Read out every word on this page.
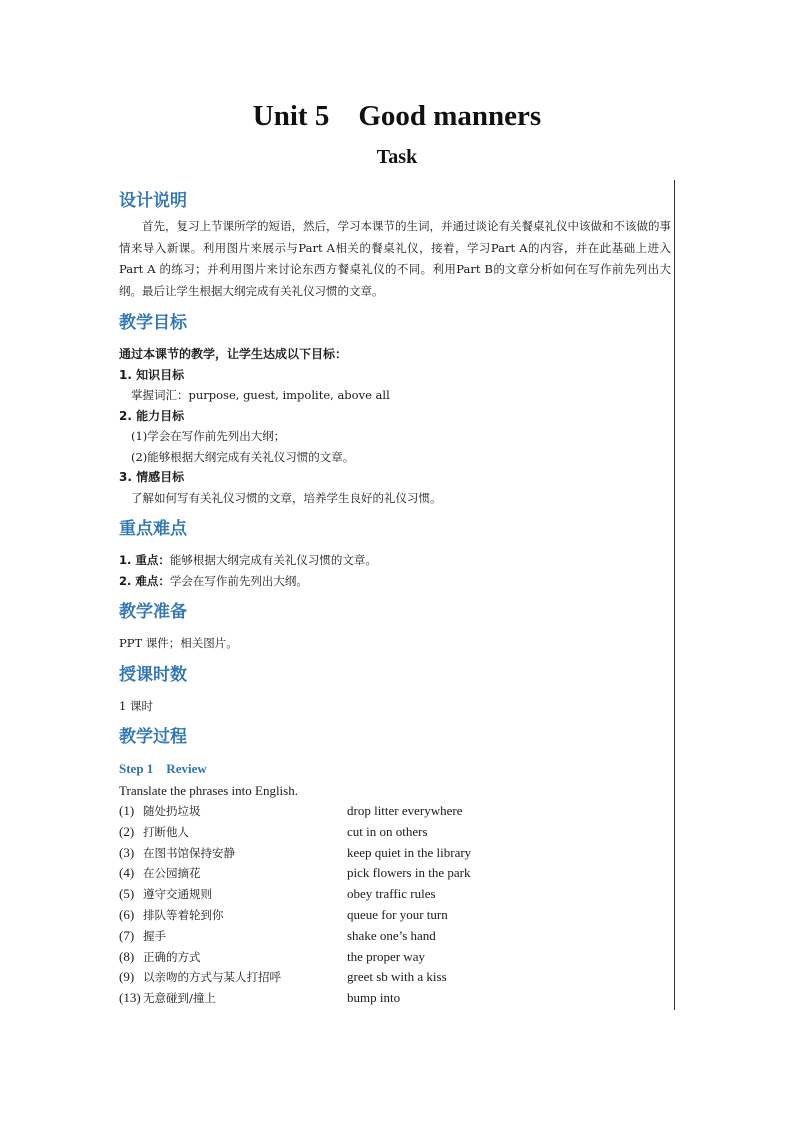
Unit 5    Good manners
Task
设计说明

首先，复习上节课所学的短语，然后，学习本课节的生词，并通过谈论有关餐桌礼仪中该做和不该做的事情来导入新课。利用图片来展示与Part A相关的餐桌礼仪，接着，学习Part A的内容，并在此基础上进入Part A 的练习；并利用图片来讨论东西方餐桌礼仪的不同。利用Part B的文章分析如何在写作前先列出大纲。最后让学生根据大纲完成有关礼仪习惯的文章。

教学目标

通过本课节的教学，让学生达成以下目标：

1. 知识目标

掌握词汇：purpose, guest, impolite, above all

2. 能力目标

(1)学会在写作前先列出大纲；

(2)能够根据大纲完成有关礼仪习惯的文章。

3. 情感目标

了解如何写有关礼仪习惯的文章，培养学生良好的礼仪习惯。

重点难点

1. 重点：能够根据大纲完成有关礼仪习惯的文章。

2. 难点：学会在写作前先列出大纲。

教学准备

PPT 课件；相关图片。

授课时数

1 课时

教学过程
Step 1    Review

Translate the phrases into English.

(1) 随处扔垃圾	drop litter everywhere
(2) 打断他人	cut in on others
(3) 在图书馆保持安静	keep quiet in the library
(4) 在公园摘花	pick flowers in the park
(5) 遵守交通规则	obey traffic rules
(6) 排队等着轮到你	queue for your turn
(7) 握手	shake one’s hand
(8) 正确的方式	the proper way
(9) 以亲吻的方式与某人打招呼	greet sb with a kiss
(13) 无意碰到/撞上	bump into
